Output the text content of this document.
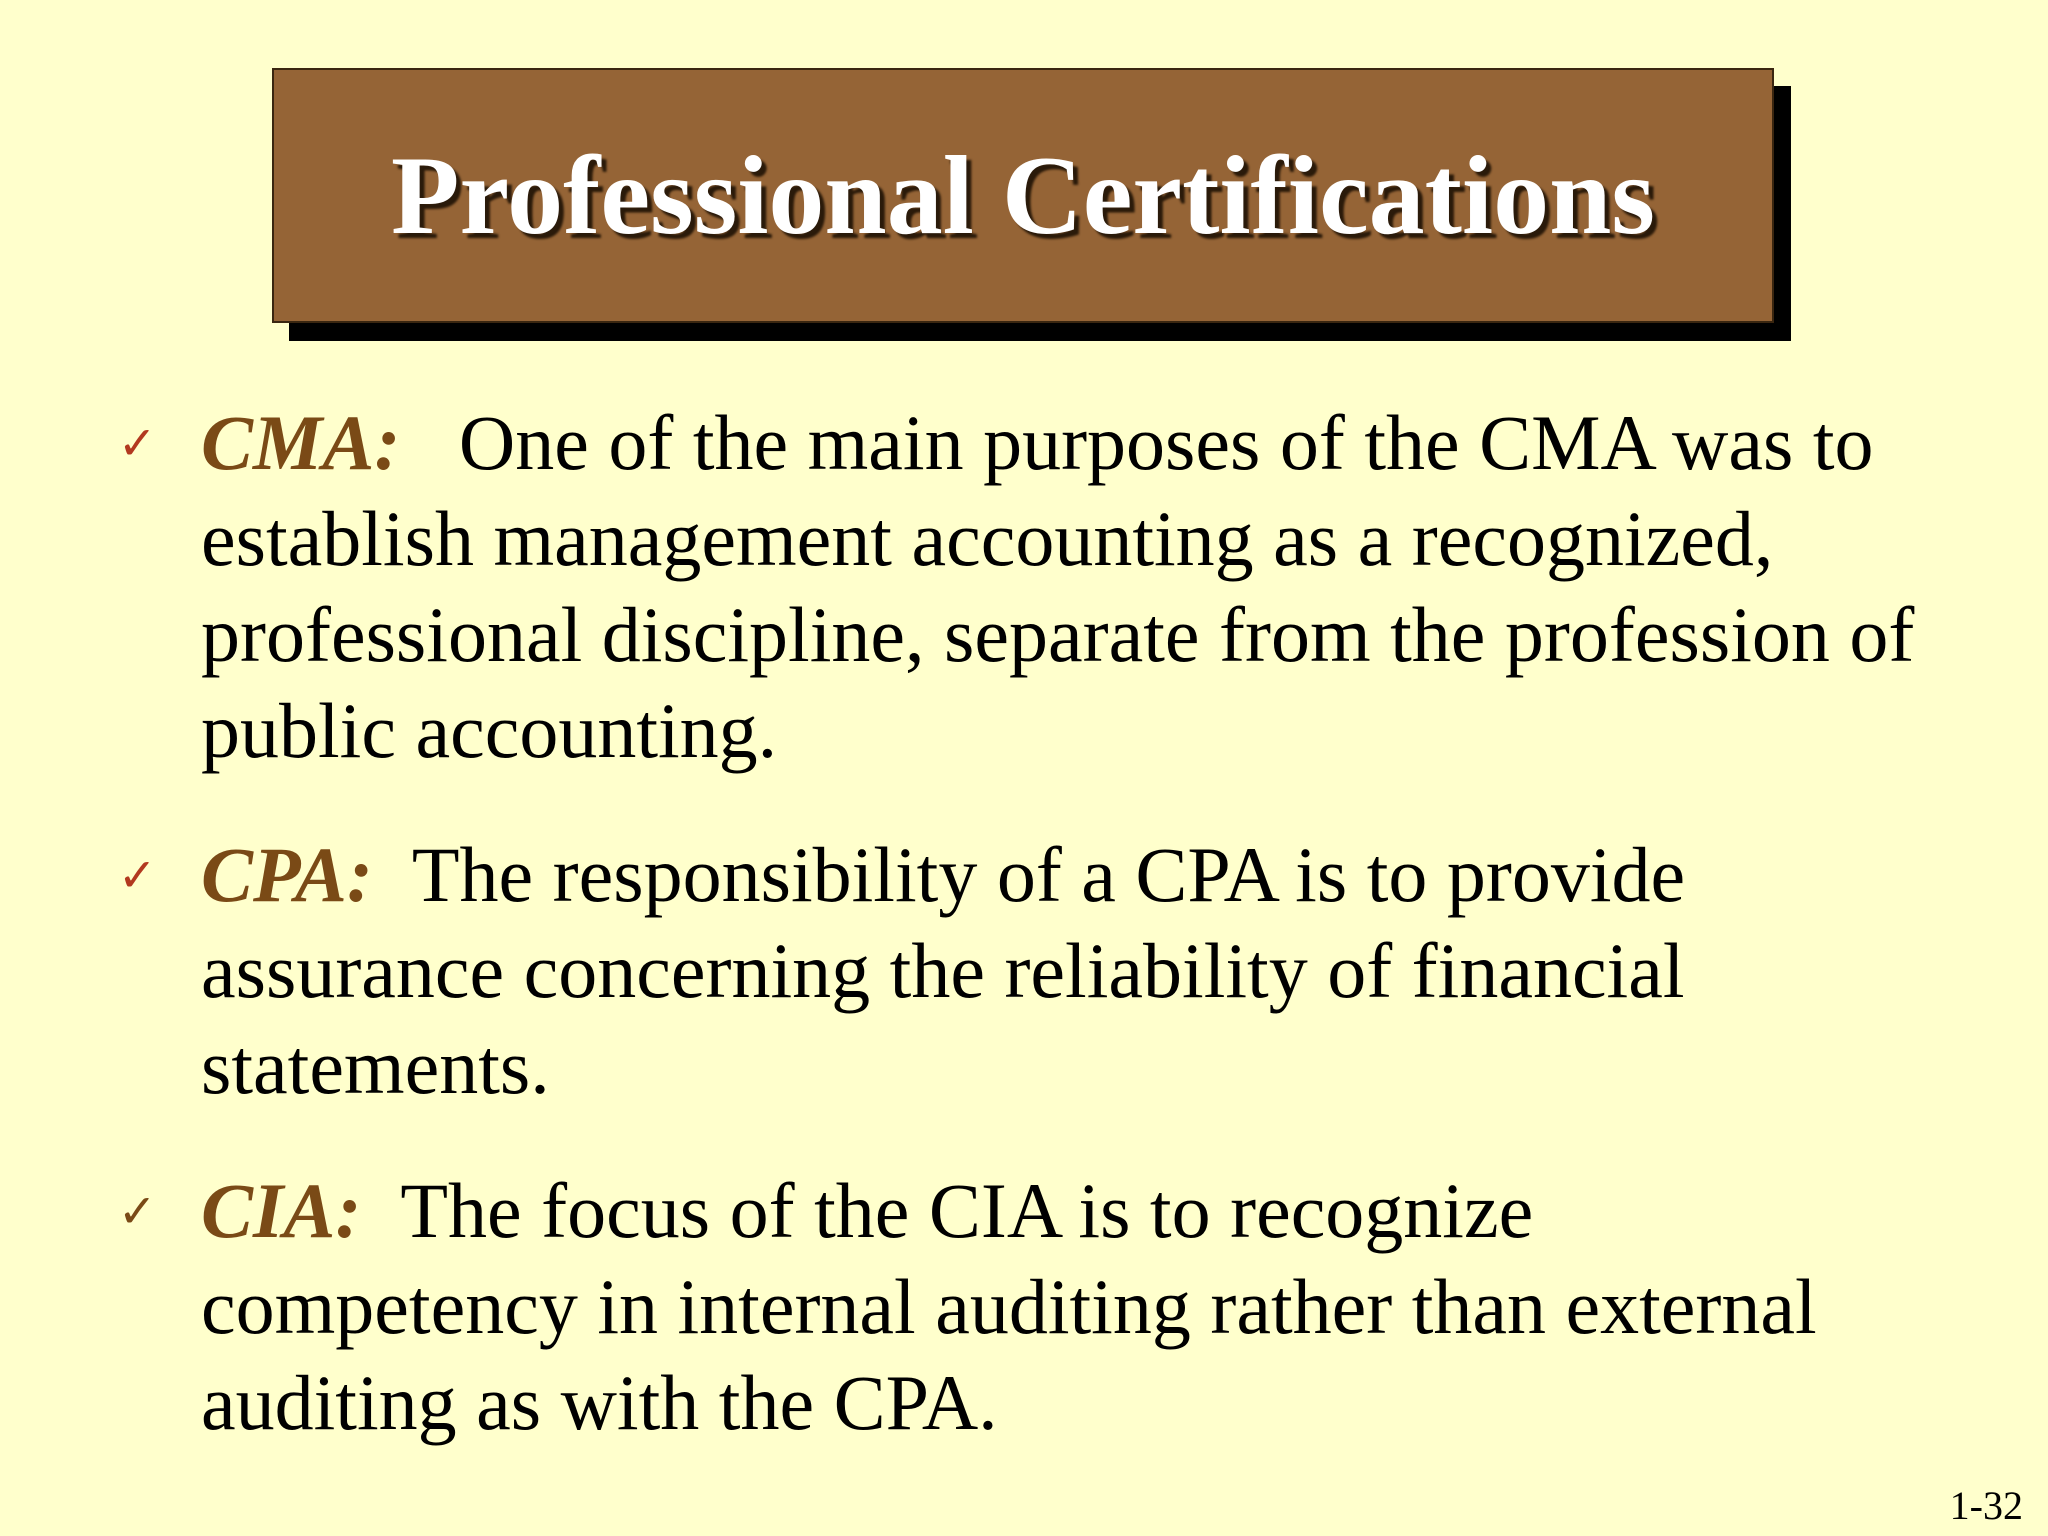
Professional Certifications
✓ CMA: One of the main purposes of the CMA was to establish management accounting as a recognized, professional discipline, separate from the profession of public accounting.
✓ CPA: The responsibility of a CPA is to provide assurance concerning the reliability of financial statements.
✓ CIA: The focus of the CIA is to recognize competency in internal auditing rather than external auditing as with the CPA.
1-32
